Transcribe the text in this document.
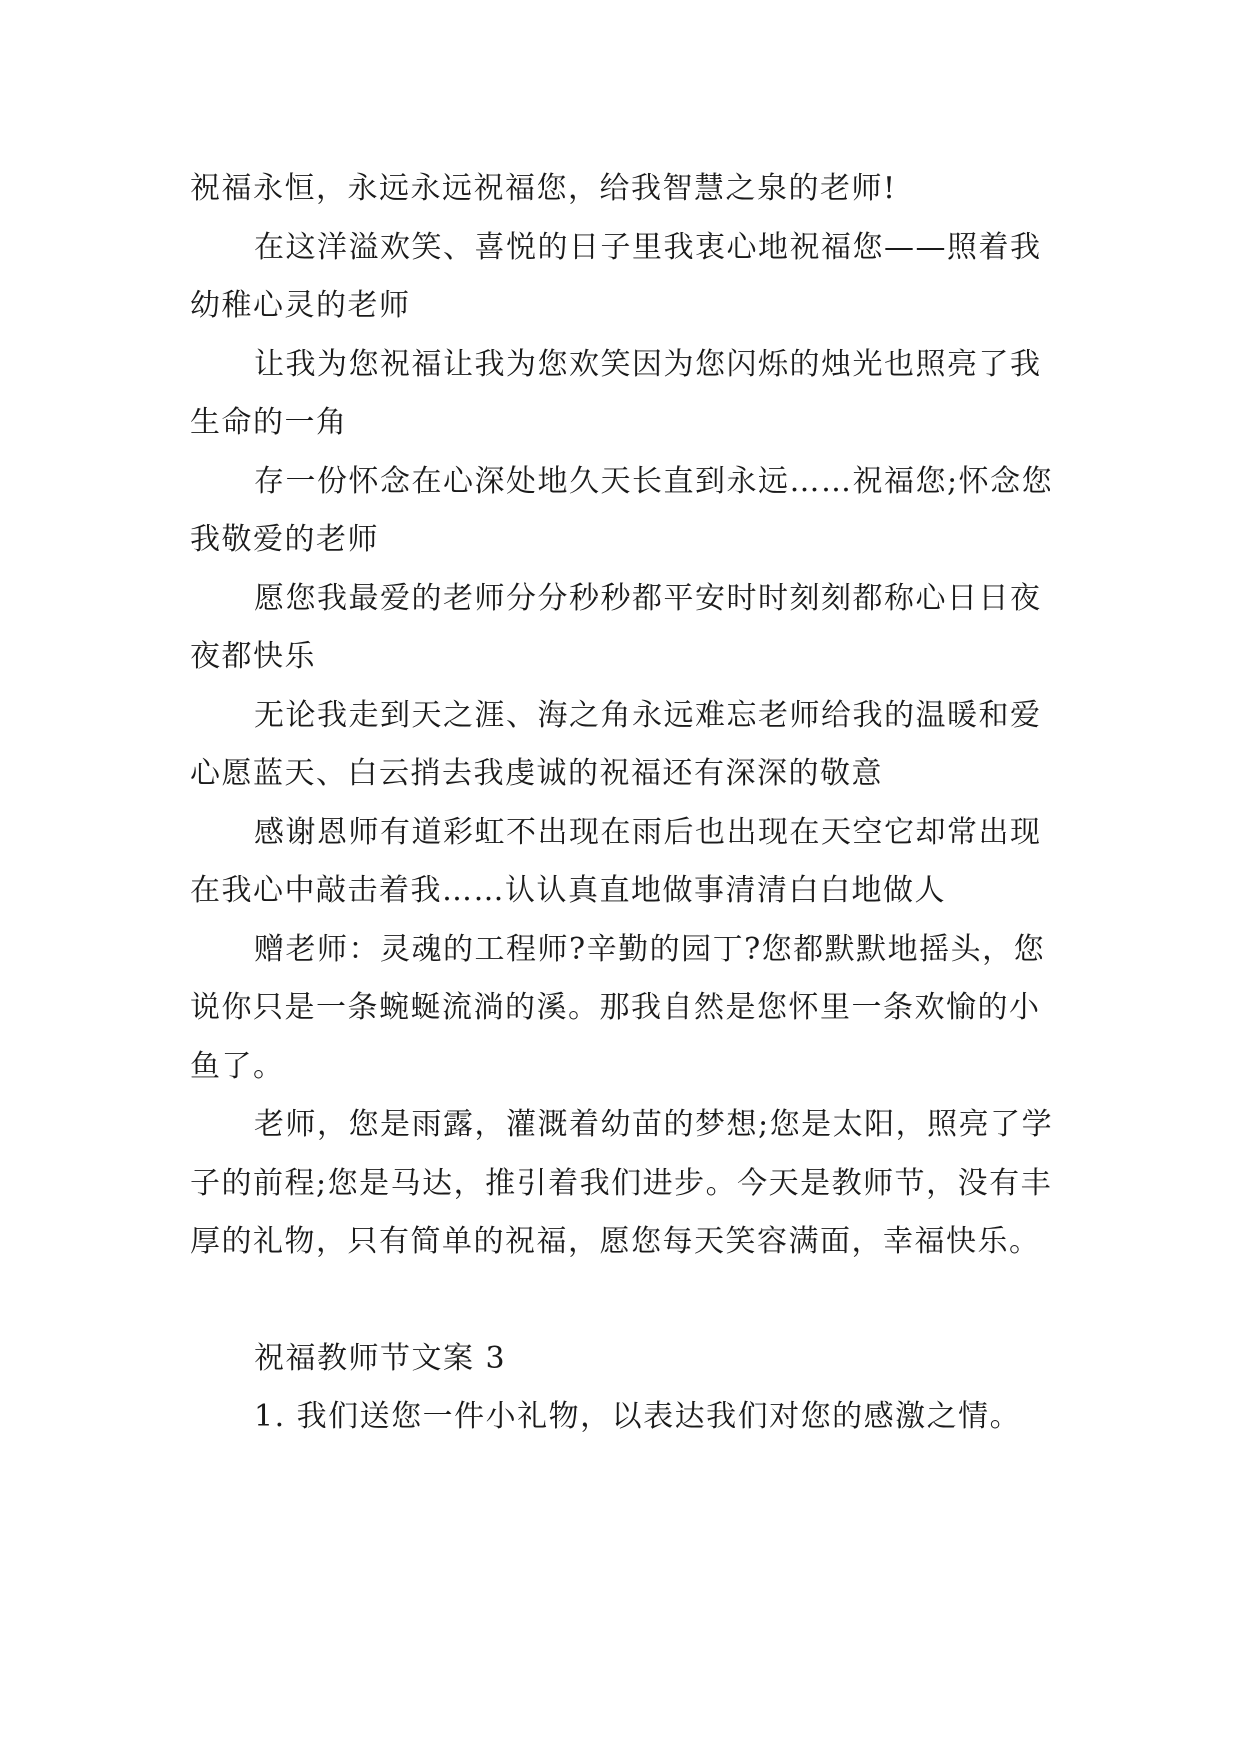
祝福永恒，永远永远祝福您，给我智慧之泉的老师!

在这洋溢欢笑、喜悦的日子里我衷心地祝福您——照着我幼稚心灵的老师

让我为您祝福让我为您欢笑因为您闪烁的烛光也照亮了我生命的一角

存一份怀念在心深处地久天长直到永远……祝福您;怀念您我敬爱的老师

愿您我最爱的老师分分秒秒都平安时时刻刻都称心日日夜夜都快乐

无论我走到天之涯、海之角永远难忘老师给我的温暖和爱心愿蓝天、白云捎去我虔诚的祝福还有深深的敬意

感谢恩师有道彩虹不出现在雨后也出现在天空它却常出现在我心中敲击着我……认认真直地做事清清白白地做人

赠老师：灵魂的工程师?辛勤的园丁?您都默默地摇头，您说你只是一条蜿蜒流淌的溪。那我自然是您怀里一条欢愉的小鱼了。

老师，您是雨露，灌溉着幼苗的梦想;您是太阳，照亮了学子的前程;您是马达，推引着我们进步。今天是教师节，没有丰厚的礼物，只有简单的祝福，愿您每天笑容满面，幸福快乐。

祝福教师节文案 3

1. 我们送您一件小礼物，以表达我们对您的感激之情。
